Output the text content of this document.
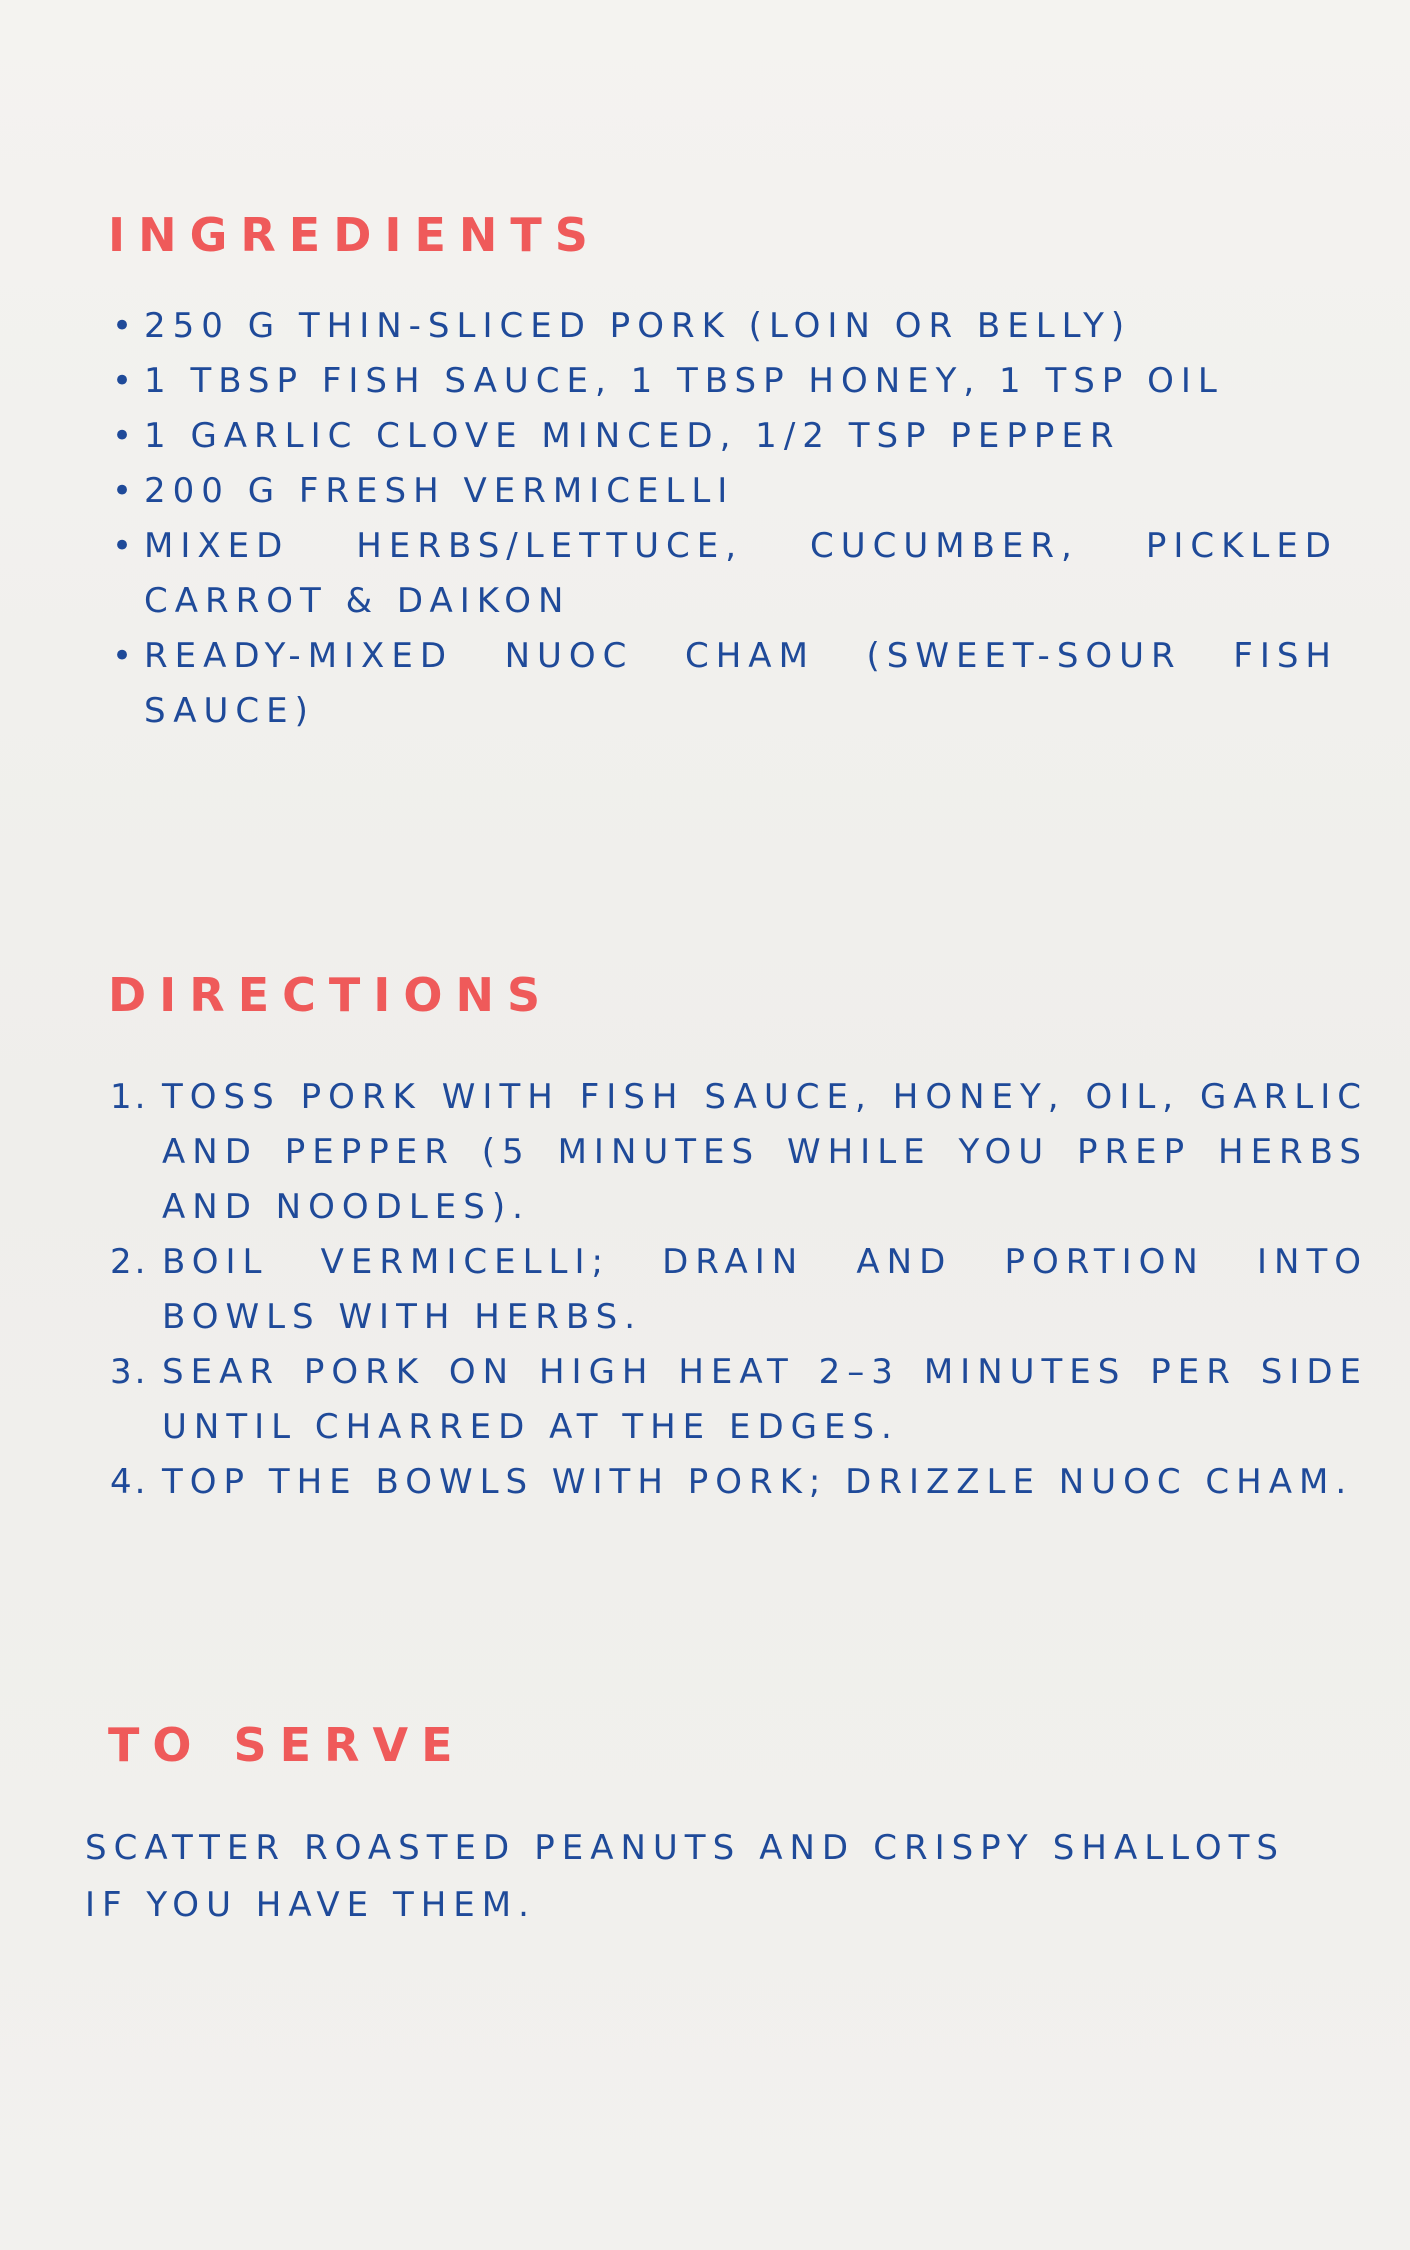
INGREDIENTS
• 250 G THIN-SLICED PORK (LOIN OR BELLY)
• 1 TBSP FISH SAUCE, 1 TBSP HONEY, 1 TSP OIL
• 1 GARLIC CLOVE MINCED, 1/2 TSP PEPPER
• 200 G FRESH VERMICELLI
• MIXED HERBS/LETTUCE, CUCUMBER, PICKLED CARROT & DAIKON
• READY-MIXED NUOC CHAM (SWEET-SOUR FISH SAUCE)
DIRECTIONS
1. TOSS PORK WITH FISH SAUCE, HONEY, OIL, GARLIC AND PEPPER (5 MINUTES WHILE YOU PREP HERBS AND NOODLES).
2. BOIL VERMICELLI; DRAIN AND PORTION INTO BOWLS WITH HERBS.
3. SEAR PORK ON HIGH HEAT 2–3 MINUTES PER SIDE UNTIL CHARRED AT THE EDGES.
4. TOP THE BOWLS WITH PORK; DRIZZLE NUOC CHAM.
TO SERVE

SCATTER ROASTED PEANUTS AND CRISPY SHALLOTS IF YOU HAVE THEM.
